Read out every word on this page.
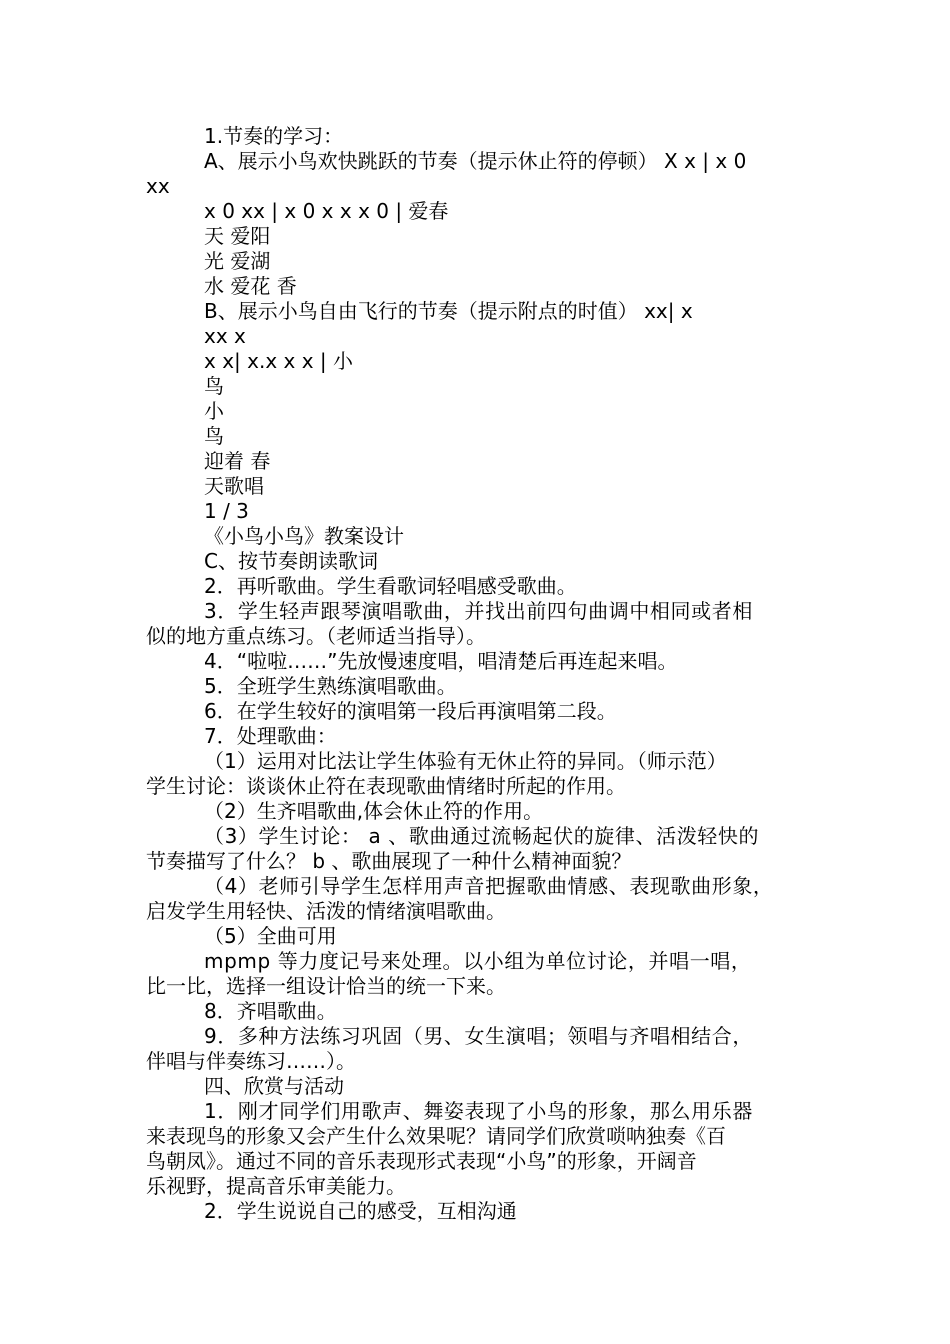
1.节奏的学习：
A、展示小鸟欢快跳跃的节奏（提示休止符的停顿） X x | x 0
xx
x 0 xx | x 0 x x x 0 | 爱春
天 爱阳
光 爱湖
水 爱花 香
B、展示小鸟自由飞行的节奏（提示附点的时值） xx| x
xx x
x x| x.x x x | 小
鸟
小
鸟
迎着 春
天歌唱
1 / 3
《小鸟小鸟》教案设计
C、按节奏朗读歌词
2．再听歌曲。学生看歌词轻唱感受歌曲。
3．学生轻声跟琴演唱歌曲，并找出前四句曲调中相同或者相
似的地方重点练习。（老师适当指导）。
4．“啦啦……”先放慢速度唱，唱清楚后再连起来唱。
5．全班学生熟练演唱歌曲。
6．在学生较好的演唱第一段后再演唱第二段。
7．处理歌曲：
（1）运用对比法让学生体验有无休止符的异同。（师示范）
学生讨论：谈谈休止符在表现歌曲情绪时所起的作用。
（2）生齐唱歌曲,体会休止符的作用。
（3）学生讨论： a 、歌曲通过流畅起伏的旋律、活泼轻快的
节奏描写了什么？ b 、歌曲展现了一种什么精神面貌？
（4）老师引导学生怎样用声音把握歌曲情感、表现歌曲形象，
启发学生用轻快、活泼的情绪演唱歌曲。
（5）全曲可用
mpmp 等力度记号来处理。以小组为单位讨论，并唱一唱，
比一比，选择一组设计恰当的统一下来。
8．齐唱歌曲。
9．多种方法练习巩固（男、女生演唱；领唱与齐唱相结合，
伴唱与伴奏练习……）。
四、欣赏与活动
1．刚才同学们用歌声、舞姿表现了小鸟的形象，那么用乐器
来表现鸟的形象又会产生什么效果呢？请同学们欣赏唢呐独奏《百
鸟朝凤》。通过不同的音乐表现形式表现“小鸟”的形象，开阔音
乐视野，提高音乐审美能力。
2．学生说说自己的感受，互相沟通
